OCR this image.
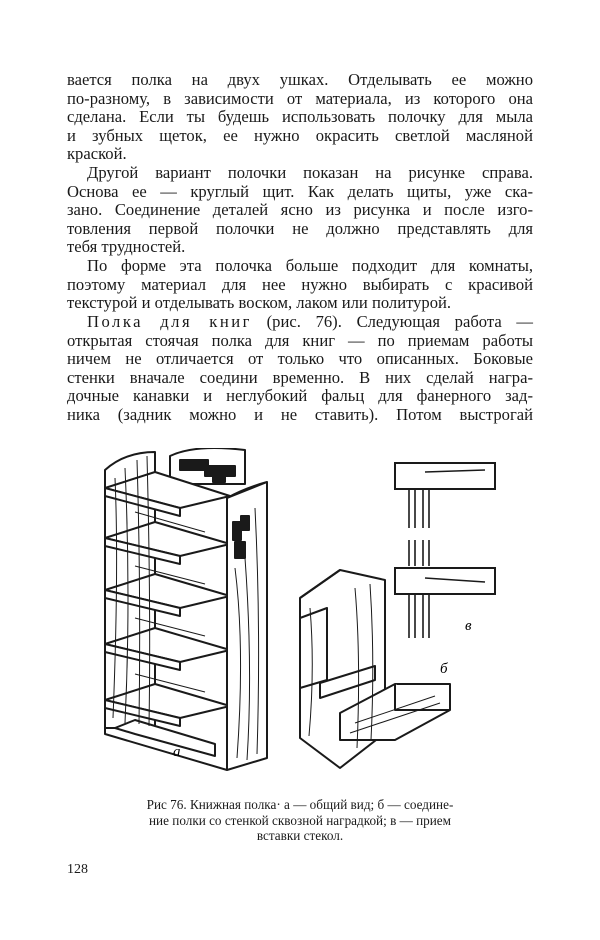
вается полка на двух ушках. Отделывать ее можно
по-разному, в зависимости от материала, из которого она
сделана. Если ты будешь использовать полочку для мыла
и зубных щеток, ее нужно окрасить светлой масляной
краской.
Другой вариант полочки показан на рисунке справа.
Основа ее — круглый щит. Как делать щиты, уже ска-
зано. Соединение деталей ясно из рисунка и после изго-
товления первой полочки не должно представлять для
тебя трудностей.
По форме эта полочка больше подходит для комнаты,
поэтому материал для нее нужно выбирать с красивой
текстурой и отделывать воском, лаком или политурой.
Полка для книг (рис. 76). Следующая работа —
открытая стоячая полка для книг — по приемам работы
ничем не отличается от только что описанных. Боковые
стенки вначале соедини временно. В них сделай награ-
дочные канавки и неглубокий фальц для фанерного зад-
ника (задник можно и не ставить). Потом выстрогай
а
б
в
Рис 76. Книжная полка· а — общий вид; б — соедине-
ние полки со стенкой сквозной наградкой; в — прием
вставки стекол.
128
